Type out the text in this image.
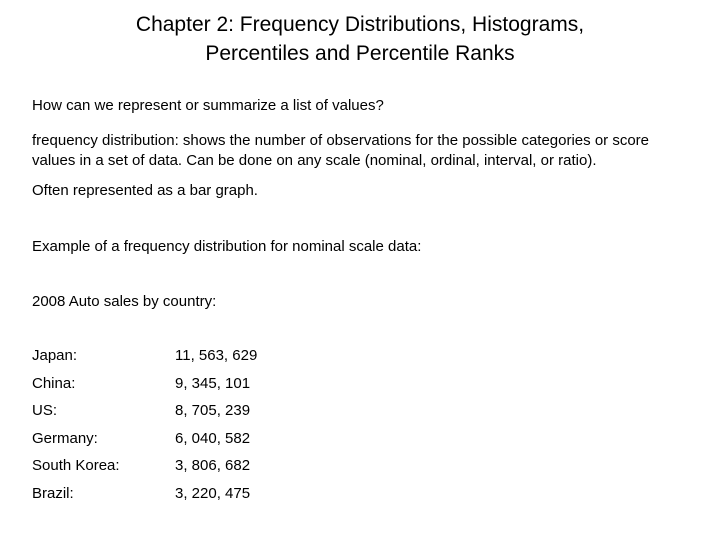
Chapter 2: Frequency Distributions, Histograms,
Percentiles and Percentile Ranks

How can we represent or summarize a list of values?

frequency distribution: shows the number of observations for the possible categories or score
values in a set of data. Can be done on any scale (nominal, ordinal, interval, or ratio).

Often represented as a bar graph.

Example of a frequency distribution for nominal scale data:

2008 Auto sales by country:

Japan:	11, 563, 629
China:	9, 345, 101
US:	8, 705, 239
Germany:	6, 040, 582
South Korea:	3, 806, 682
Brazil:	3, 220, 475
